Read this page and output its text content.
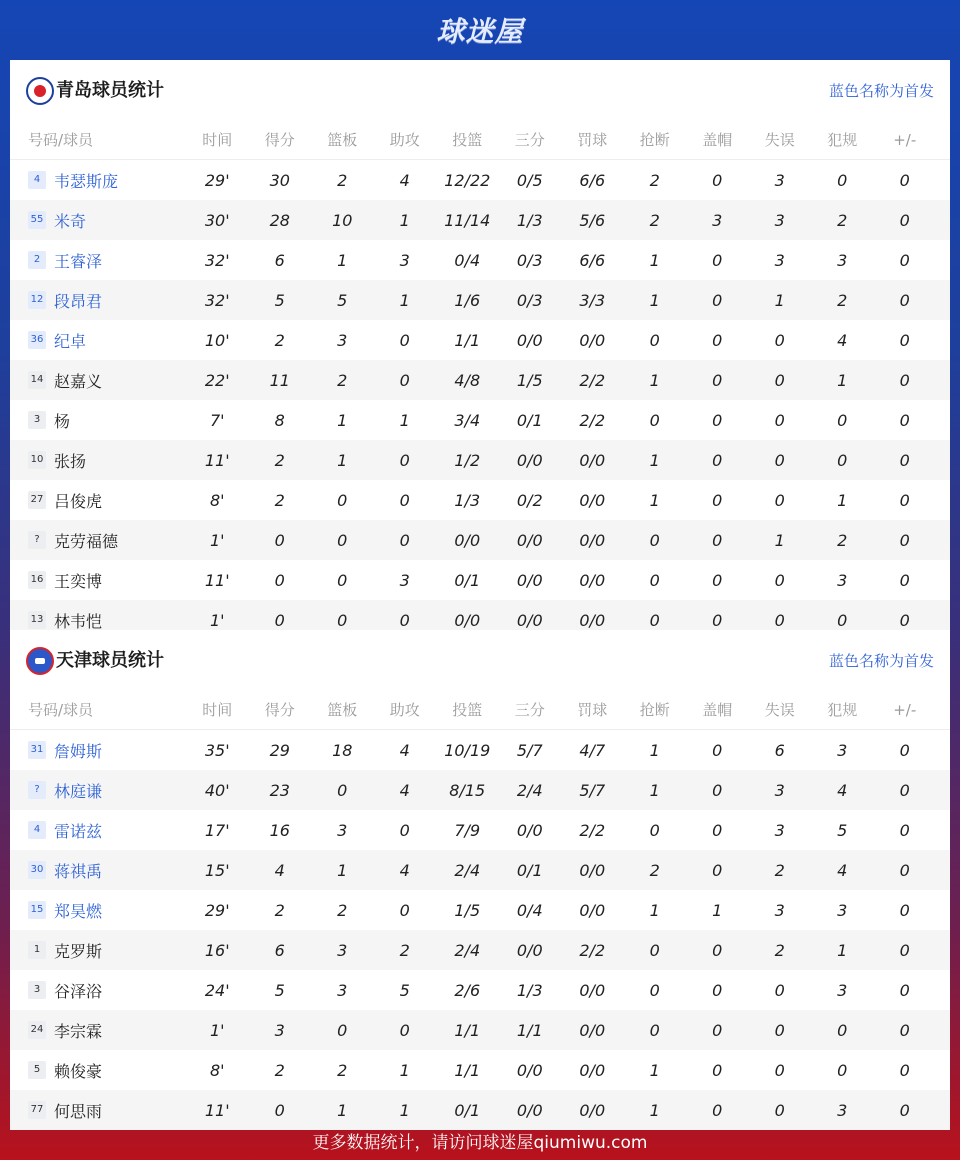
球迷屋
青岛球员统计	蓝色名称为首发
号码/球员	时间	得分	篮板	助攻	投篮	三分	罚球	抢断	盖帽	失误	犯规	+/-
4 韦瑟斯庞	29'	30	2	4	12/22	0/5	6/6	2	0	3	0	0
55 米奇	30'	28	10	1	11/14	1/3	5/6	2	3	3	2	0
2 王睿泽	32'	6	1	3	0/4	0/3	6/6	1	0	3	3	0
12 段昂君	32'	5	5	1	1/6	0/3	3/3	1	0	1	2	0
36 纪卓	10'	2	3	0	1/1	0/0	0/0	0	0	0	4	0
14 赵嘉义	22'	11	2	0	4/8	1/5	2/2	1	0	0	1	0
3 杨	7'	8	1	1	3/4	0/1	2/2	0	0	0	0	0
10 张扬	11'	2	1	0	1/2	0/0	0/0	1	0	0	0	0
27 吕俊虎	8'	2	0	0	1/3	0/2	0/0	1	0	0	1	0
? 克劳福德	1'	0	0	0	0/0	0/0	0/0	0	0	1	2	0
16 王奕博	11'	0	0	3	0/1	0/0	0/0	0	0	0	3	0
13 林韦恺	1'	0	0	0	0/0	0/0	0/0	0	0	0	0	0
天津球员统计	蓝色名称为首发
号码/球员	时间	得分	篮板	助攻	投篮	三分	罚球	抢断	盖帽	失误	犯规	+/-
31 詹姆斯	35'	29	18	4	10/19	5/7	4/7	1	0	6	3	0
? 林庭谦	40'	23	0	4	8/15	2/4	5/7	1	0	3	4	0
4 雷诺兹	17'	16	3	0	7/9	0/0	2/2	0	0	3	5	0
30 蒋祺禹	15'	4	1	4	2/4	0/1	0/0	2	0	2	4	0
15 郑昊燃	29'	2	2	0	1/5	0/4	0/0	1	1	3	3	0
1 克罗斯	16'	6	3	2	2/4	0/0	2/2	0	0	2	1	0
3 谷泽浴	24'	5	3	5	2/6	1/3	0/0	0	0	0	3	0
24 李宗霖	1'	3	0	0	1/1	1/1	0/0	0	0	0	0	0
5 赖俊豪	8'	2	2	1	1/1	0/0	0/0	1	0	0	0	0
77 何思雨	11'	0	1	1	0/1	0/0	0/0	1	0	0	3	0
更多数据统计，请访问球迷屋qiumiwu.com
